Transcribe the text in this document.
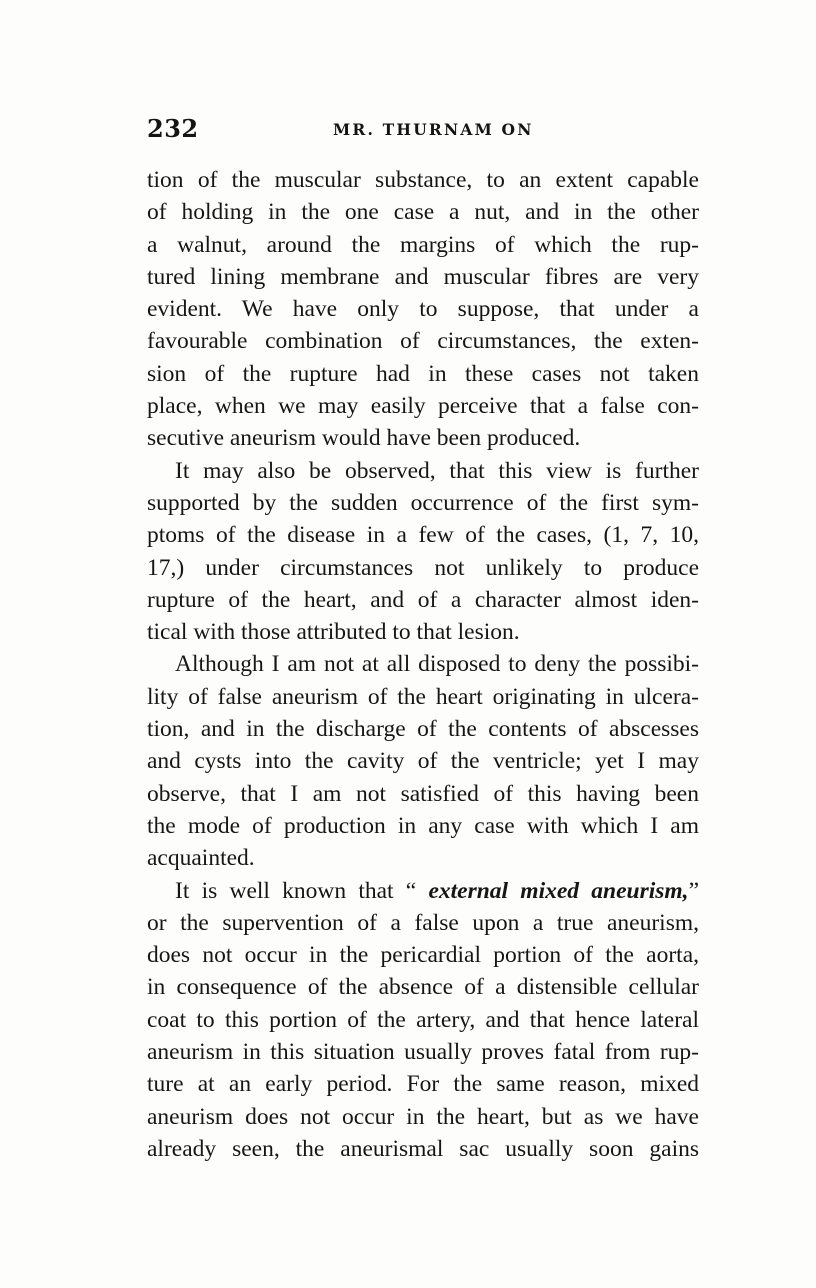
232	MR. THURNAM ON
tion of the muscular substance, to an extent capable
of holding in the one case a nut, and in the other
a walnut, around the margins of which the rup-
tured lining membrane and muscular fibres are very
evident. We have only to suppose, that under a
favourable combination of circumstances, the exten-
sion of the rupture had in these cases not taken
place, when we may easily perceive that a false con-
secutive aneurism would have been produced.
It may also be observed, that this view is further
supported by the sudden occurrence of the first sym-
ptoms of the disease in a few of the cases, (1, 7, 10,
17,) under circumstances not unlikely to produce
rupture of the heart, and of a character almost iden-
tical with those attributed to that lesion.
Although I am not at all disposed to deny the possibi-
lity of false aneurism of the heart originating in ulcera-
tion, and in the discharge of the contents of abscesses
and cysts into the cavity of the ventricle; yet I may
observe, that I am not satisfied of this having been
the mode of production in any case with which I am
acquainted.
It is well known that “ external mixed aneurism,”
or the supervention of a false upon a true aneurism,
does not occur in the pericardial portion of the aorta,
in consequence of the absence of a distensible cellular
coat to this portion of the artery, and that hence lateral
aneurism in this situation usually proves fatal from rup-
ture at an early period. For the same reason, mixed
aneurism does not occur in the heart, but as we have
already seen, the aneurismal sac usually soon gains
